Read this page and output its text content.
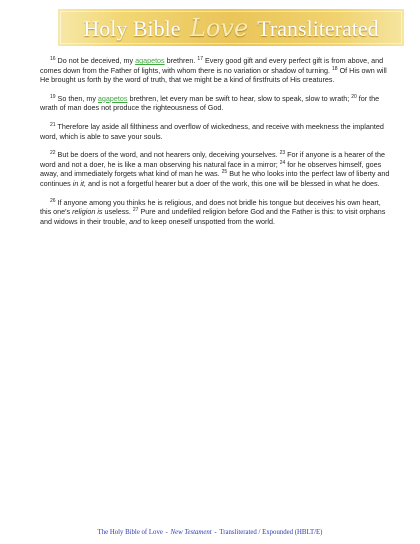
Holy Bible Love Transliterated

$^{16}$ Do not be deceived, my agapetos brethren. $^{17}$ Every good gift and every perfect gift is from above, and comes down from the Father of lights, with whom there is no variation or shadow of turning. $^{18}$ Of His own will He brought us forth by the word of truth, that we might be a kind of firstfruits of His creatures.

$^{19}$ So then, my agapetos brethren, let every man be swift to hear, slow to speak, slow to wrath; $^{20}$ for the wrath of man does not produce the righteousness of God.

$^{21}$ Therefore lay aside all filthiness and overflow of wickedness, and receive with meekness the implanted word, which is able to save your souls.

$^{22}$ But be doers of the word, and not hearers only, deceiving yourselves. $^{23}$ For if anyone is a hearer of the word and not a doer, he is like a man observing his natural face in a mirror; $^{24}$ for he observes himself, goes away, and immediately forgets what kind of man he was. $^{25}$ But he who looks into the perfect law of liberty and continues in it, and is not a forgetful hearer but a doer of the work, this one will be blessed in what he does.

$^{26}$ If anyone among you thinks he is religious, and does not bridle his tongue but deceives his own heart, this one's religion is useless. $^{27}$ Pure and undefiled religion before God and the Father is this: to visit orphans and widows in their trouble, and to keep oneself unspotted from the world.

The Holy Bible of Love - New Testament - Transliterated / Expounded (HBLT/E)
